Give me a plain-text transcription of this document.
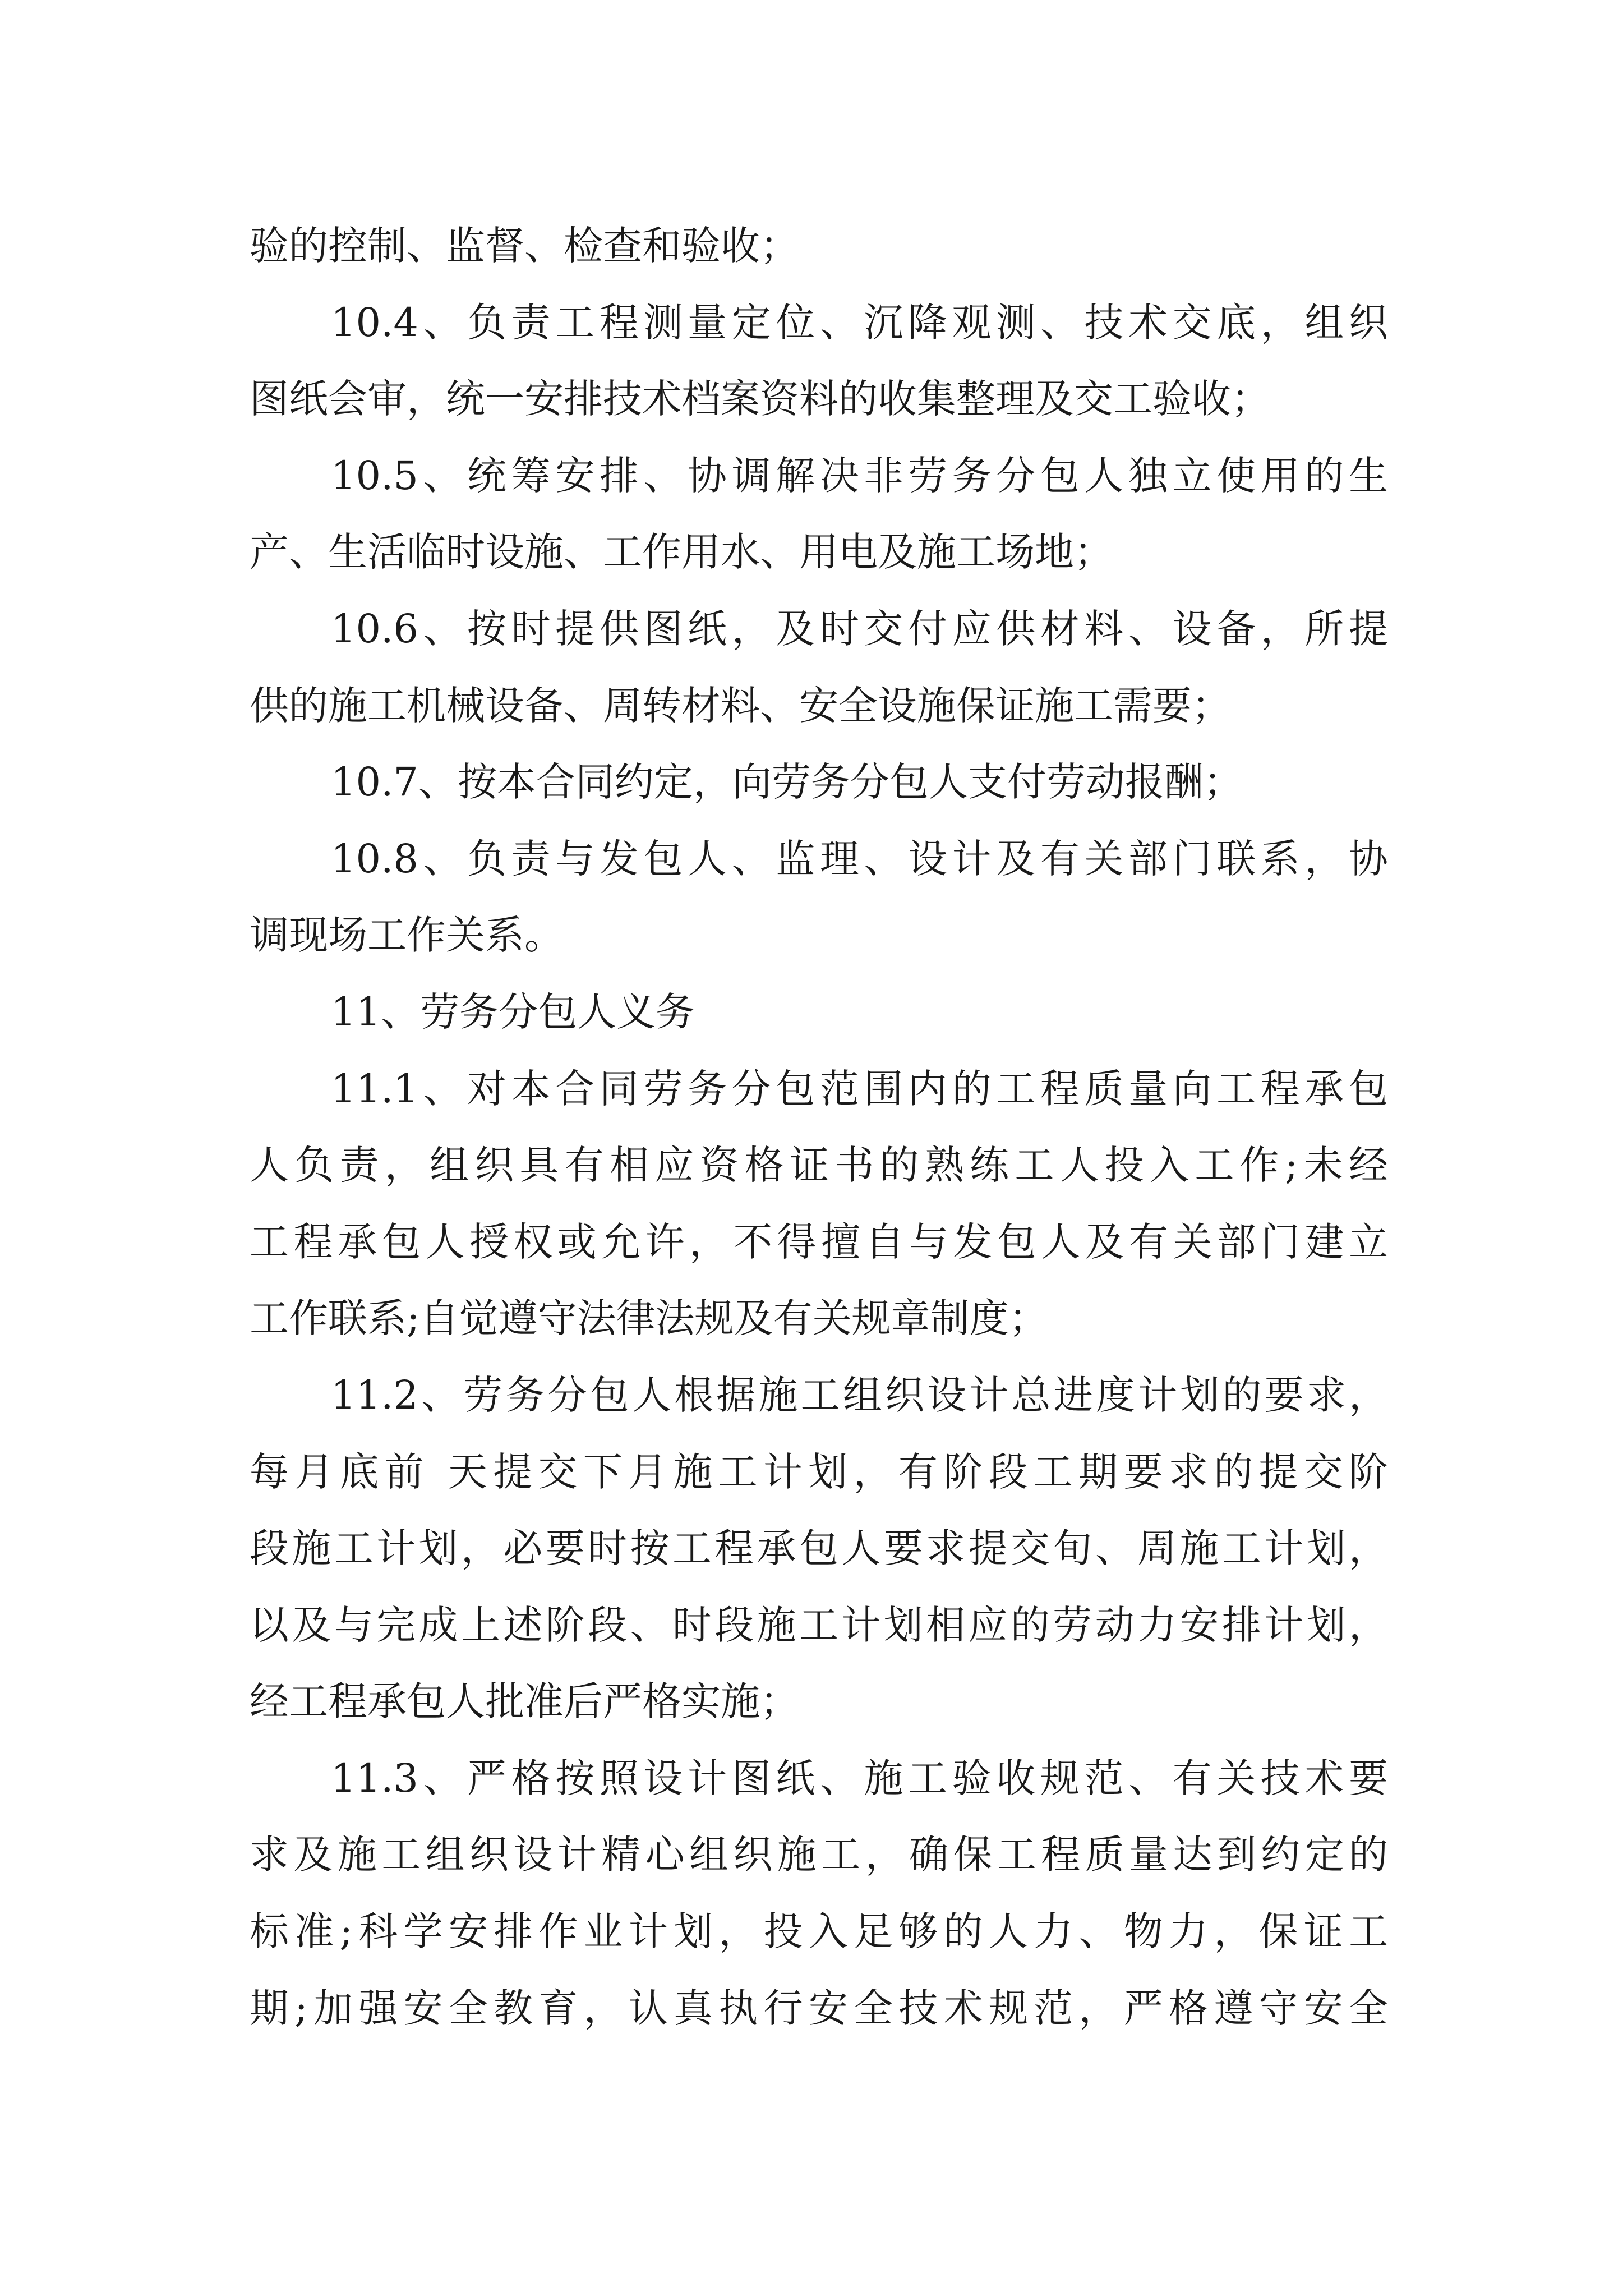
验的控制、监督、检查和验收；
10.4、负责工程测量定位、沉降观测、技术交底，组织
图纸会审，统一安排技术档案资料的收集整理及交工验收；
10.5、统筹安排、协调解决非劳务分包人独立使用的生
产、生活临时设施、工作用水、用电及施工场地；
10.6、按时提供图纸，及时交付应供材料、设备，所提
供的施工机械设备、周转材料、安全设施保证施工需要；
10.7、按本合同约定，向劳务分包人支付劳动报酬；
10.8、负责与发包人、监理、设计及有关部门联系，协
调现场工作关系。
11、劳务分包人义务
11.1、对本合同劳务分包范围内的工程质量向工程承包
人负责，组织具有相应资格证书的熟练工人投入工作;未经
工程承包人授权或允许，不得擅自与发包人及有关部门建立
工作联系;自觉遵守法律法规及有关规章制度；
11.2、劳务分包人根据施工组织设计总进度计划的要求，
每月底前 天提交下月施工计划，有阶段工期要求的提交阶
段施工计划，必要时按工程承包人要求提交旬、周施工计划，
以及与完成上述阶段、时段施工计划相应的劳动力安排计划，
经工程承包人批准后严格实施；
11.3、严格按照设计图纸、施工验收规范、有关技术要
求及施工组织设计精心组织施工，确保工程质量达到约定的
标准;科学安排作业计划，投入足够的人力、物力，保证工
期;加强安全教育，认真执行安全技术规范，严格遵守安全
